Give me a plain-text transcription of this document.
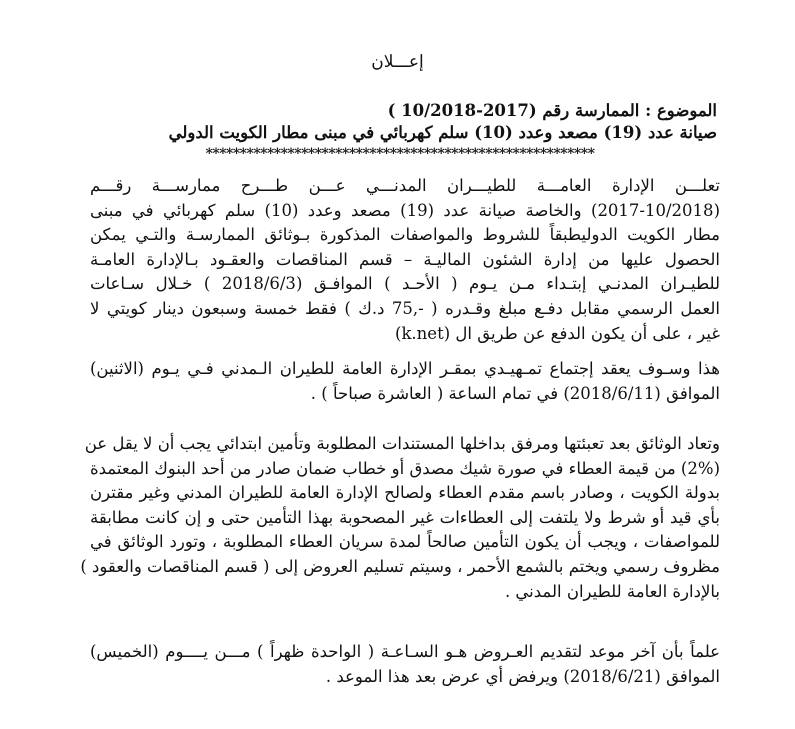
إعـــلان
الموضوع : الممارسة رقم (2017-10/2018 )
صيانة عدد (19) مصعد وعدد (10) سلم كهربائي في مبنى مطار الكويت الدولي
*********************************************************
تعلـــن الإدارة العامـــة للطيـــران المدنـــي عـــن طـــرح ممارســـة رقـــم
(2017-10/2018) والخاصة صيانة عدد (19) مصعد وعدد (10) سلم كهربائي في مبنى
مطار الكويت الدوليطبقاً للشروط والمواصفات المذكورة بـوثائق الممارسـة والتـي يمكن
الحصول عليها من إدارة الشئون الماليـة – قسم المناقصات والعقـود بـالإدارة العامـة
للطيـران المدنـي إبتـداء مـن يـوم ( الأحـد ) الموافـق (2018/6/3 ) خـلال سـاعات
العمل الرسمي مقابل دفـع مبلغ وقـدره ( -,75 د.ك ) فقط خمسة وسبعون دينار كويتي لا
غير ، على أن يكون الدفع عن طريق ال (k.net)
هذا وسـوف يعقد إجتماع تمـهيـدي بمقـر الإدارة العامة للطيران الـمدني فـي يـوم (الاثنين)
الموافق (2018/6/11) في تمام الساعة ( العاشرة صباحاً ) .
وتعاد الوثائق بعد تعبئتها ومرفق بداخلها المستندات المطلوبة وتأمين ابتدائي يجب أن لا يقل عن
(2%) من قيمة العطاء في صورة شيك مصدق أو خطاب ضمان صادر من أحد البنوك المعتمدة
بدولة الكويت ، وصادر باسم مقدم العطاء ولصالح الإدارة العامة للطيران المدني وغير مقترن
بأي قيد أو شرط ولا يلتفت إلى العطاءات غير المصحوبة بهذا التأمين حتى و إن كانت مطابقة
للمواصفات ، ويجب أن يكون التأمين صالحاً لمدة سريان العطاء المطلوبة ، وتورد الوثائق في
مظروف رسمي ويختم بالشمع الأحمر ، وسيتم تسليم العروض إلى ( قسم المناقصات والعقود )
بالإدارة العامة للطيران المدني .
علماً بأن آخر موعد لتقديم العـروض هـو السـاعـة ( الواحدة ظهراً ) مـــن يــــوم (الخميس)
الموافق (2018/6/21) ويرفض أي عرض بعد هذا الموعد .
